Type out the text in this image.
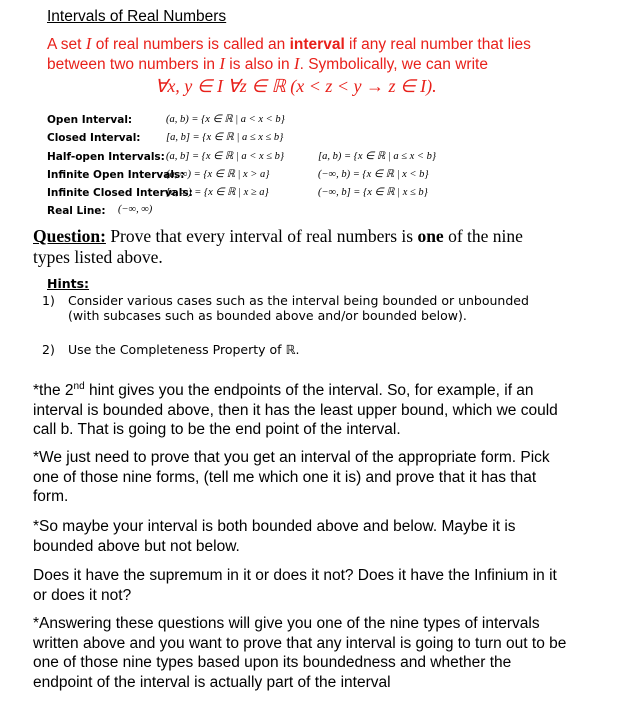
Intervals of Real Numbers
A set I of real numbers is called an interval if any real number that lies between two numbers in I is also in I. Symbolically, we can write
∀x, y ∈ I ∀z ∈ ℝ (x < z < y → z ∈ I).
Open Interval:	(a, b) = {x ∈ ℝ | a < x < b}
Closed Interval: [a, b] = {x ∈ ℝ | a ≤ x ≤ b}
Half-open Intervals: (a, b] = {x ∈ ℝ | a < x ≤ b}	[a, b) = {x ∈ ℝ | a ≤ x < b}
Infinite Open Intervals:
(a, ∞) = {x ∈ ℝ | x > a}	(−∞, b) = {x ∈ ℝ | x < b}
Infinite Closed Intervals:
[a, ∞) = {x ∈ ℝ | x ≥ a}	(−∞, b] = {x ∈ ℝ | x ≤ b}
Real Line: (−∞, ∞)
Question: Prove that every interval of real numbers is one of the nine types listed above.
Hints:
1) Consider various cases such as the interval being bounded or unbounded (with subcases such as bounded above and/or bounded below).
2) Use the Completeness Property of ℝ.
*the 2nd hint gives you the endpoints of the interval. So, for example, if an interval is bounded above, then it has the least upper bound, which we could call b. That is going to be the end point of the interval.
*We just need to prove that you get an interval of the appropriate form. Pick one of those nine forms, (tell me which one it is) and prove that it has that form.
*So maybe your interval is both bounded above and below. Maybe it is bounded above but not below.
Does it have the supremum in it or does it not? Does it have the Infinium in it or does it not?
*Answering these questions will give you one of the nine types of intervals written above and you want to prove that any interval is going to turn out to be one of those nine types based upon its boundedness and whether the endpoint of the interval is actually part of the interval
